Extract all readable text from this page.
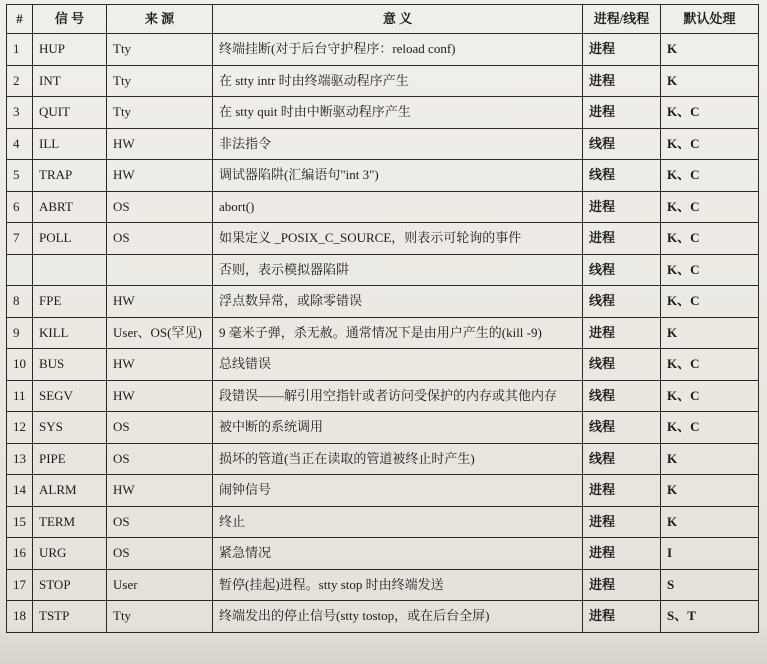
#	信 号	来 源	意 义	进程/线程	默认处理
1	HUP	Tty	终端挂断(对于后台守护程序：reload conf)	进程	K
2	INT	Tty	在 stty intr 时由终端驱动程序产生	进程	K
3	QUIT	Tty	在 stty quit 时由中断驱动程序产生	进程	K、C
4	ILL	HW	非法指令	线程	K、C
5	TRAP	HW	调试器陷阱(汇编语句"int 3")	线程	K、C
6	ABRT	OS	abort()	进程	K、C
7	POLL	OS	如果定义 _POSIX_C_SOURCE，则表示可轮询的事件	进程	K、C
			否则，表示模拟器陷阱	线程	K、C
8	FPE	HW	浮点数异常，或除零错误	线程	K、C
9	KILL	User、OS(罕见)	9 毫米子弹，杀无赦。通常情况下是由用户产生的(kill -9)	进程	K
10	BUS	HW	总线错误	线程	K、C
11	SEGV	HW	段错误——解引用空指针或者访问受保护的内存或其他内存	线程	K、C
12	SYS	OS	被中断的系统调用	线程	K、C
13	PIPE	OS	损坏的管道(当正在读取的管道被终止时产生)	线程	K
14	ALRM	HW	闹钟信号	进程	K
15	TERM	OS	终止	进程	K
16	URG	OS	紧急情况	进程	I
17	STOP	User	暂停(挂起)进程。stty stop 时由终端发送	进程	S
18	TSTP	Tty	终端发出的停止信号(stty tostop，或在后台全屏)	进程	S、T
